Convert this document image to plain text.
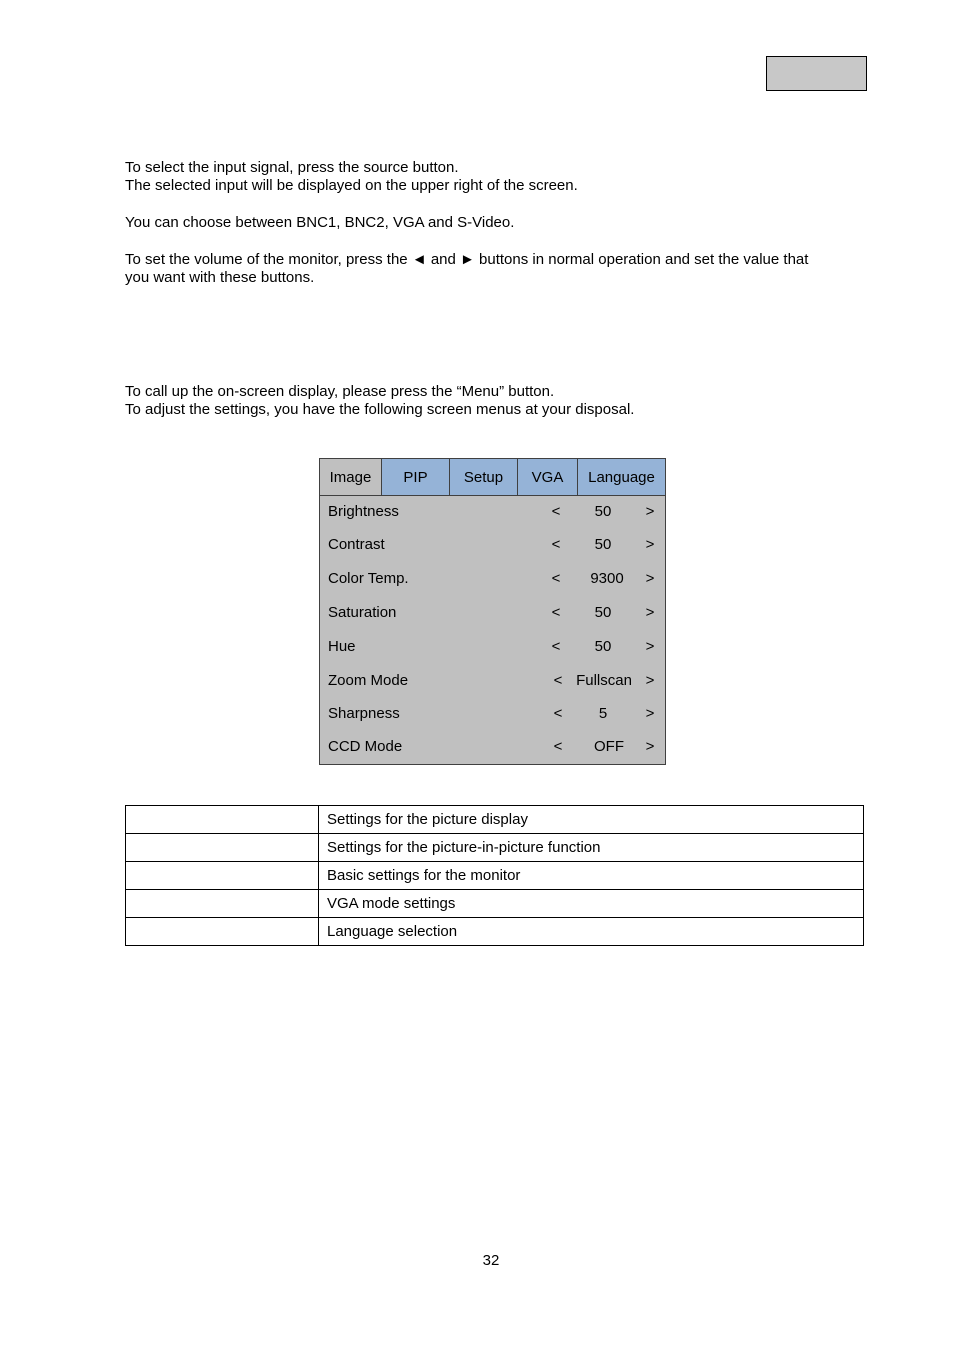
To select the input signal, press the source button.

The selected input will be displayed on the upper right of the screen.

You can choose between BNC1, BNC2, VGA and S-Video.

To set the volume of the monitor, press the ◄ and ► buttons in normal operation and set the value that

you want with these buttons.

To call up the on-screen display, please press the “Menu” button.

To adjust the settings, you have the following screen menus at your disposal.

Image	PIP	Setup	VGA	Language
Brightness	<	50	>
Contrast	<	50	>
Color Temp.	<	9300	>
Saturation	<	50	>
Hue	<	50	>
Zoom Mode	< Fullscan >
Sharpness	<	5	>
CCD Mode	<	OFF	>
	Settings for the picture display
	Settings for the picture-in-picture function
	Basic settings for the monitor
	VGA mode settings
	Language selection
32
